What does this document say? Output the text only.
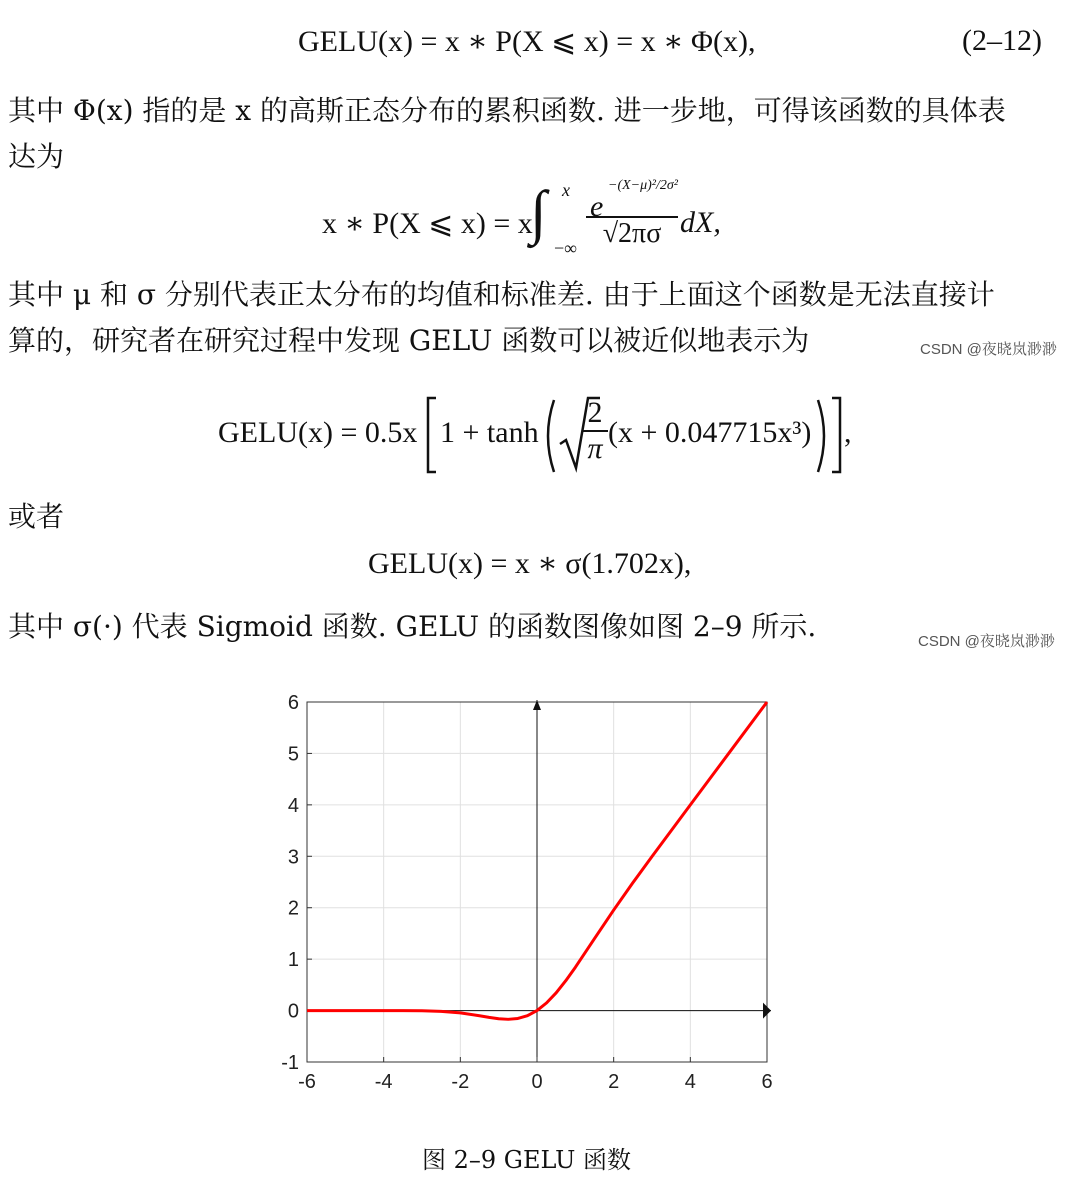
GELU(x) = x ∗ P(X ⩽ x) = x ∗ Φ(x),	(2–12)
其中 Φ(x) 指的是 x 的高斯正态分布的累积函数. 进一步地，可得该函数的具体表
达为
x ∗ P(X ⩽ x) = x
∫ x
−∞
e
−(X−μ)²/2σ²
√2πσ dX,
其中 μ 和 σ 分别代表正太分布的均值和标准差. 由于上面这个函数是无法直接计
算的，研究者在研究过程中发现 GELU 函数可以被近似地表示为	CSDN @夜晓岚渺渺
GELU(x) = 0.5x 1 + tanh
2
π (x + 0.047715x³) ,
或者
GELU(x) = x ∗ σ(1.702x),
其中 σ(·) 代表 Sigmoid 函数. GELU 的函数图像如图 2–9 所示.	CSDN @夜晓岚渺渺
-6	-4	-2	0	2	4	6
-1
0
1
2
3
4
5
6
图 2–9 GELU 函数
